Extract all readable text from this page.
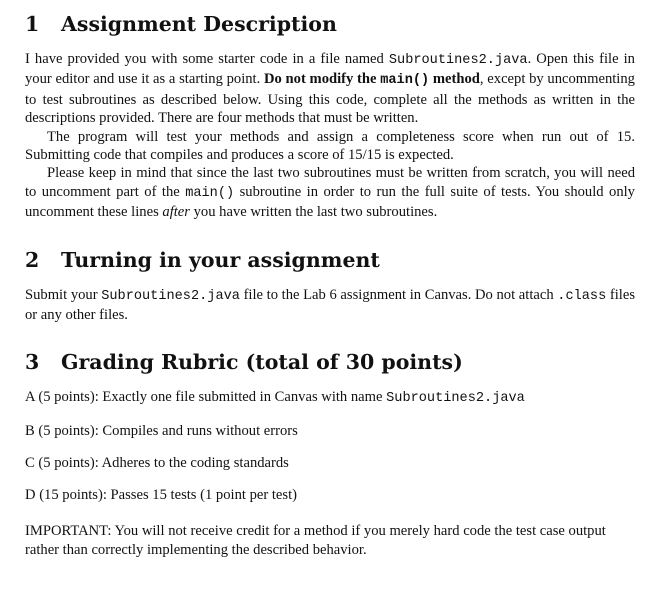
1	Assignment Description

I have provided you with some starter code in a file named Subroutines2.java. Open this file in your editor and use it as a starting point. Do not modify the main() method, except by uncommenting to test subroutines as described below. Using this code, complete all the methods as written in the descriptions provided. There are four methods that must be written.

The program will test your methods and assign a completeness score when run out of 15. Submitting code that compiles and produces a score of 15/15 is expected.

Please keep in mind that since the last two subroutines must be written from scratch, you will need to uncomment part of the main() subroutine in order to run the full suite of tests. You should only uncomment these lines after you have written the last two subroutines.

2	Turning in your assignment

Submit your Subroutines2.java file to the Lab 6 assignment in Canvas. Do not attach .class files or any other files.

3	Grading Rubric (total of 30 points)

A (5 points): Exactly one file submitted in Canvas with name Subroutines2.java

B (5 points): Compiles and runs without errors

C (5 points): Adheres to the coding standards

D (15 points): Passes 15 tests (1 point per test)

IMPORTANT: You will not receive credit for a method if you merely hard code the test case output rather than correctly implementing the described behavior.
